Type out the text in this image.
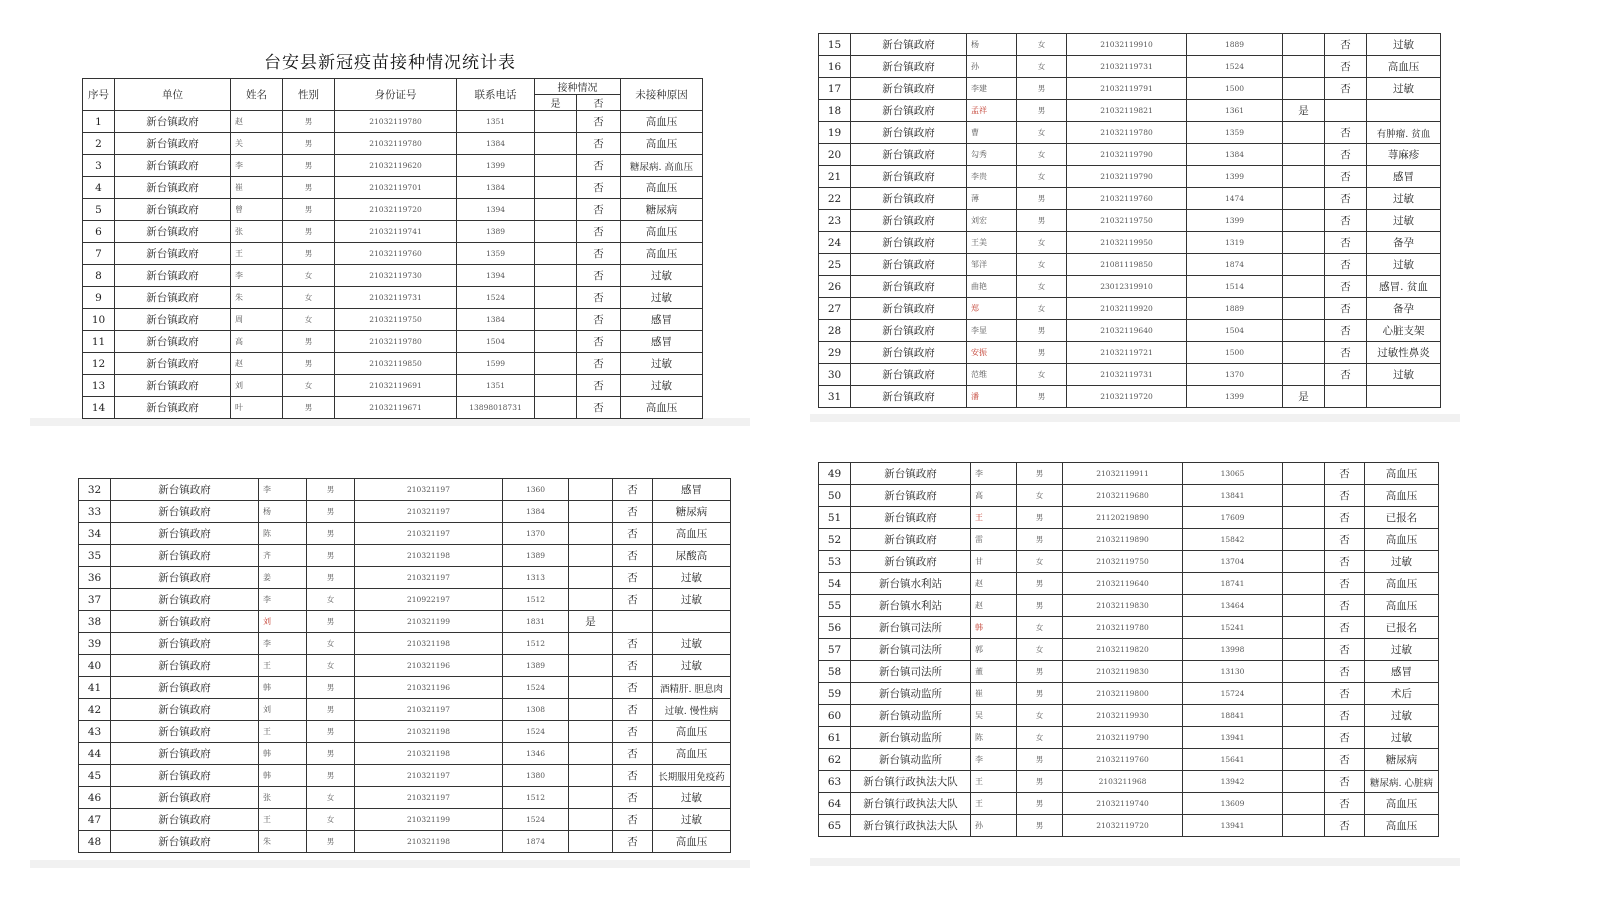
台安县新冠疫苗接种情况统计表
序号	单位	姓名	性别	身份证号	联系电话	接种情况		未接种原因
						是	否	
1	新台镇政府	赵	男	21032119780	1351		否	高血压
2	新台镇政府	关	男	21032119780	1384		否	高血压
3	新台镇政府	李	男	21032119620	1399		否	糖尿病. 高血压
4	新台镇政府	崔	男	21032119701	1384		否	高血压
5	新台镇政府	曾	男	21032119720	1394		否	糖尿病
6	新台镇政府	张	男	21032119741	1389		否	高血压
7	新台镇政府	王	男	21032119760	1359		否	高血压
8	新台镇政府	李	女	21032119730	1394		否	过敏
9	新台镇政府	朱	女	21032119731	1524		否	过敏
10	新台镇政府	周	女	21032119750	1384		否	感冒
11	新台镇政府	高	男	21032119780	1504		否	感冒
12	新台镇政府	赵	男	21032119850	1599		否	过敏
13	新台镇政府	刘	女	21032119691	1351		否	过敏
14	新台镇政府	叶	男	21032119671	13898018731		否	高血压
15	新台镇政府	杨	女	21032119910	1889		否	过敏
16	新台镇政府	孙	女	21032119731	1524		否	高血压
17	新台镇政府	李建	男	21032119791	1500		否	过敏
18	新台镇政府	孟祥	男	21032119821	1361	是		
19	新台镇政府	曹	女	21032119780	1359		否	有肿瘤. 贫血
20	新台镇政府	勾秀	女	21032119790	1384		否	荨麻疹
21	新台镇政府	李贵	女	21032119790	1399		否	感冒
22	新台镇政府	薄	男	21032119760	1474		否	过敏
23	新台镇政府	刘宏	男	21032119750	1399		否	过敏
24	新台镇政府	王美	女	21032119950	1319		否	备孕
25	新台镇政府	邹洋	女	21081119850	1874		否	过敏
26	新台镇政府	曲艳	女	23012319910	1514		否	感冒. 贫血
27	新台镇政府	郑	女	21032119920	1889		否	备孕
28	新台镇政府	李显	男	21032119640	1504		否	心脏支架
29	新台镇政府	安振	男	21032119721	1500		否	过敏性鼻炎
30	新台镇政府	范维	女	21032119731	1370		否	过敏
31	新台镇政府	潘	男	21032119720	1399	是		
32	新台镇政府	李	男	210321197	1360		否	感冒
33	新台镇政府	杨	男	210321197	1384		否	糖尿病
34	新台镇政府	陈	男	210321197	1370		否	高血压
35	新台镇政府	齐	男	210321198	1389		否	尿酸高
36	新台镇政府	姜	男	210321197	1313		否	过敏
37	新台镇政府	李	女	210922197	1512		否	过敏
38	新台镇政府	刘	男	210321199	1831	是		
39	新台镇政府	李	女	210321198	1512		否	过敏
40	新台镇政府	王	女	210321196	1389		否	过敏
41	新台镇政府	韩	男	210321196	1524		否	酒精肝. 胆息肉
42	新台镇政府	刘	男	210321197	1308		否	过敏. 慢性病
43	新台镇政府	王	男	210321198	1524		否	高血压
44	新台镇政府	韩	男	210321198	1346		否	高血压
45	新台镇政府	韩	男	210321197	1380		否	长期服用免疫药
46	新台镇政府	张	女	210321197	1512		否	过敏
47	新台镇政府	王	女	210321199	1524		否	过敏
48	新台镇政府	朱	男	210321198	1874		否	高血压
49	新台镇政府	李	男	21032119911	13065		否	高血压
50	新台镇政府	高	女	21032119680	13841		否	高血压
51	新台镇政府	王	男	21120219890	17609		否	已报名
52	新台镇政府	雷	男	21032119890	15842		否	高血压
53	新台镇政府	甘	女	21032119750	13704		否	过敏
54	新台镇水利站	赵	男	21032119640	18741		否	高血压
55	新台镇水利站	赵	男	21032119830	13464		否	高血压
56	新台镇司法所	韩	女	21032119780	15241		否	已报名
57	新台镇司法所	郭	女	21032119820	13998		否	过敏
58	新台镇司法所	董	男	21032119830	13130		否	感冒
59	新台镇动监所	崔	男	21032119800	15724		否	术后
60	新台镇动监所	吴	女	21032119930	18841		否	过敏
61	新台镇动监所	陈	女	21032119790	13941		否	过敏
62	新台镇动监所	李	男	21032119760	15641		否	糖尿病
63	新台镇行政执法大队	王	男	2103211968	13942		否	糖尿病. 心脏病
64	新台镇行政执法大队	王	男	21032119740	13609		否	高血压
65	新台镇行政执法大队	孙	男	21032119720	13941		否	高血压
